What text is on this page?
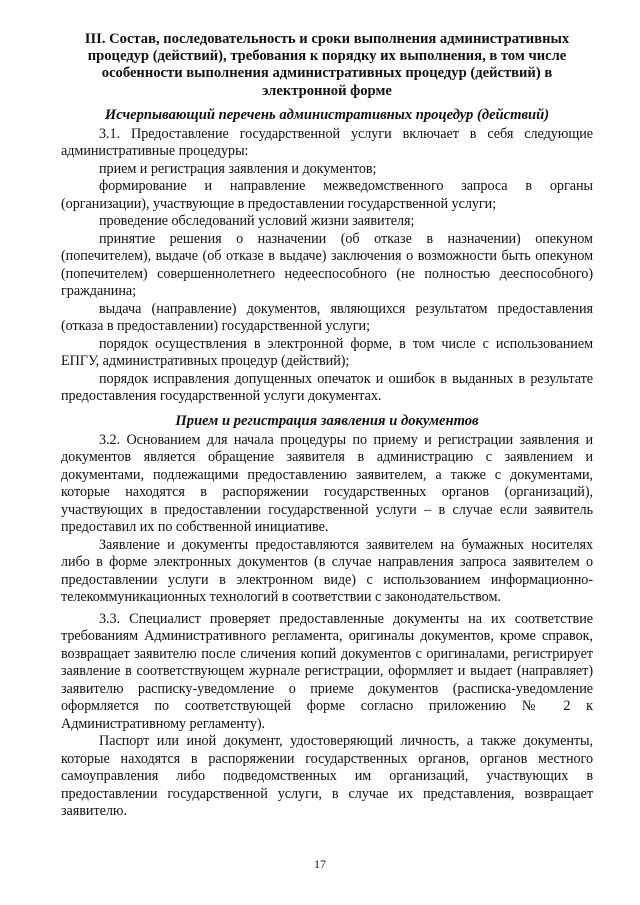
III. Состав, последовательность и сроки выполнения административных процедур (действий), требования к порядку их выполнения, в том числе особенности выполнения административных процедур (действий) в электронной форме
Исчерпывающий перечень административных процедур (действий)

3.1. Предоставление государственной услуги включает в себя следующие административные процедуры:

прием и регистрация заявления и документов;

формирование и направление межведомственного запроса в органы (организации), участвующие в предоставлении государственной услуги;

проведение обследований условий жизни заявителя;

принятие решения о назначении (об отказе в назначении) опекуном (попечителем), выдаче (об отказе в выдаче) заключения о возможности быть опекуном (попечителем) совершеннолетнего недееспособного (не полностью дееспособного) гражданина;

выдача (направление) документов, являющихся результатом предоставления (отказа в предоставлении) государственной услуги;

порядок осуществления в электронной форме, в том числе с использованием ЕПГУ, административных процедур (действий);

порядок исправления допущенных опечаток и ошибок в выданных в результате предоставления государственной услуги документах.

Прием и регистрация заявления и документов

3.2. Основанием для начала процедуры по приему и регистрации заявления и документов является обращение заявителя в администрацию с заявлением и документами, подлежащими предоставлению заявителем, а также с документами, которые находятся в распоряжении государственных органов (организаций), участвующих в предоставлении государственной услуги – в случае если заявитель предоставил их по собственной инициативе.

Заявление и документы предоставляются заявителем на бумажных носителях либо в форме электронных документов (в случае направления запроса заявителем о предоставлении услуги в электронном виде) с использованием информационно-телекоммуникационных технологий в соответствии с законодательством.

3.3. Специалист проверяет предоставленные документы на их соответствие требованиям Административного регламента, оригиналы документов, кроме справок, возвращает заявителю после сличения копий документов с оригиналами, регистрирует заявление в соответствующем журнале регистрации, оформляет и выдает (направляет) заявителю расписку-уведомление о приеме документов (расписка-уведомление оформляется по соответствующей форме согласно приложению № 2 к Административному регламенту).

Паспорт или иной документ, удостоверяющий личность, а также документы, которые находятся в распоряжении государственных органов, органов местного самоуправления либо подведомственных им организаций, участвующих в предоставлении государственной услуги, в случае их представления, возвращает заявителю.

17
